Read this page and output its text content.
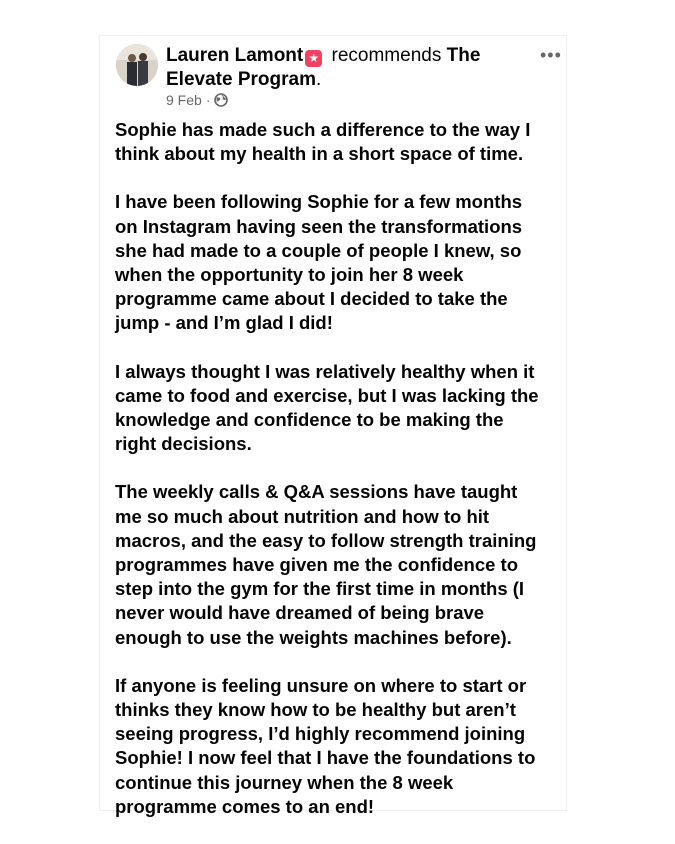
Lauren Lamont ★ recommends The Elevate Program.
9 Feb ·
•••

Sophie has made such a difference to the way I
think about my health in a short space of time.

I have been following Sophie for a few months
on Instagram having seen the transformations
she had made to a couple of people I knew, so
when the opportunity to join her 8 week
programme came about I decided to take the
jump - and I’m glad I did!

I always thought I was relatively healthy when it
came to food and exercise, but I was lacking the
knowledge and confidence to be making the
right decisions.

The weekly calls & Q&A sessions have taught
me so much about nutrition and how to hit
macros, and the easy to follow strength training
programmes have given me the confidence to
step into the gym for the first time in months (I
never would have dreamed of being brave
enough to use the weights machines before).

If anyone is feeling unsure on where to start or
thinks they know how to be healthy but aren’t
seeing progress, I’d highly recommend joining
Sophie! I now feel that I have the foundations to
continue this journey when the 8 week
programme comes to an end!
